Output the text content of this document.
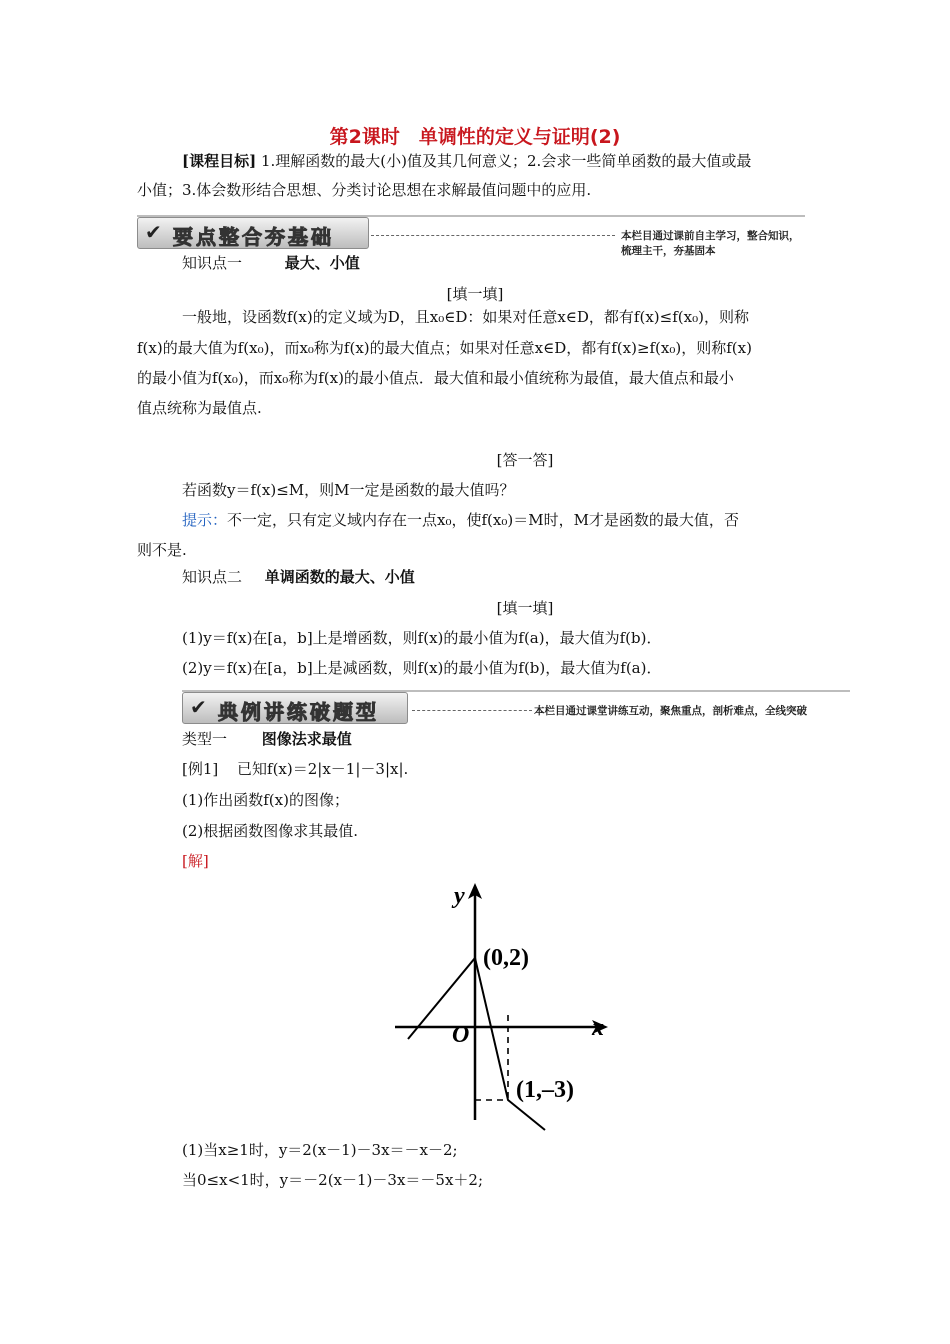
第2课时　单调性的定义与证明(2)
[课程目标] 1.理解函数的最大(小)值及其几何意义；2.会求一些简单函数的最大值或最
小值；3.体会数形结合思想、分类讨论思想在求解最值问题中的应用.
✔ 要点整合夯基础	本栏目通过课前自主学习，整合知识，梳理主干，夯基固本
知识点一	最大、小值
[填一填]
一般地，设函数f(x)的定义域为D，且x₀∈D：如果对任意x∈D，都有f(x)≤f(x₀)，则称
f(x)的最大值为f(x₀)，而x₀称为f(x)的最大值点；如果对任意x∈D，都有f(x)≥f(x₀)，则称f(x)
的最小值为f(x₀)，而x₀称为f(x)的最小值点．最大值和最小值统称为最值，最大值点和最小
值点统称为最值点.
[答一答]
若函数y＝f(x)≤M，则M一定是函数的最大值吗？
提示：不一定，只有定义域内存在一点x₀，使f(x₀)＝M时，M才是函数的最大值，否
则不是.
知识点二 单调函数的最大、小值
[填一填]
(1)y＝f(x)在[a，b]上是增函数，则f(x)的最小值为f(a)，最大值为f(b)．
(2)y＝f(x)在[a，b]上是减函数，则f(x)的最小值为f(b)，最大值为f(a)．
✔ 典例讲练破题型	本栏目通过课堂讲练互动，聚焦重点，剖析难点，全线突破
类型一 图像法求最值
[例1] 已知f(x)＝2|x－1|－3|x|.
(1)作出函数f(x)的图像；
(2)根据函数图像求其最值.
[解]
y
x
O
(0,2)
(1,–3)
(1)当x≥1时，y＝2(x－1)－3x＝－x－2;
当0≤x<1时，y＝－2(x－1)－3x＝－5x＋2;
